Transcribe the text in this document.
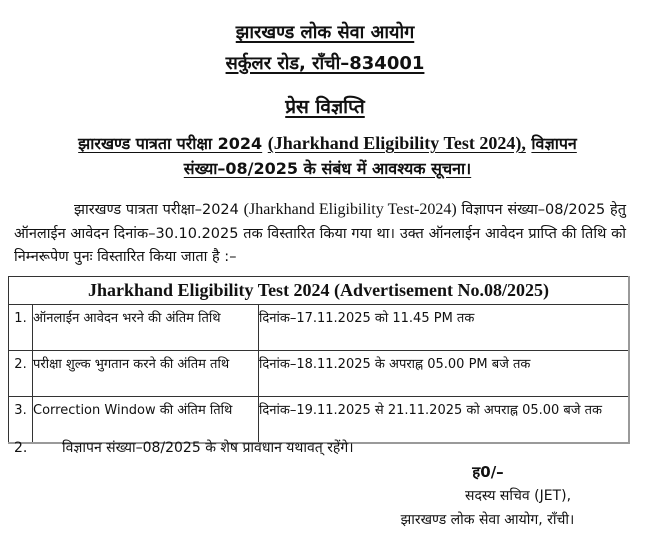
झारखण्ड लोक सेवा आयोग
सर्कुलर रोड, राँची–834001
प्रेस विज्ञप्ति
झारखण्ड पात्रता परीक्षा 2024 (Jharkhand Eligibility Test 2024), विज्ञापन
संख्या–08/2025 के संबंध में आवश्यक सूचना।
झारखण्ड पात्रता परीक्षा–2024 (Jharkhand Eligibility Test-2024) विज्ञापन संख्या–08/2025 हेतु ऑनलाईन आवेदन दिनांक–30.10.2025 तक विस्तारित किया गया था। उक्त ऑनलाईन आवेदन प्राप्ति की तिथि को निम्नरूपेण पुनः विस्तारित किया जाता है :–
Jharkhand Eligibility Test 2024 (Advertisement No.08/2025)		
1.	ऑनलाईन आवेदन भरने की अंतिम तिथि	दिनांक–17.11.2025 को 11.45 PM तक
2.	परीक्षा शुल्क भुगतान करने की अंतिम तथि	दिनांक–18.11.2025 के अपराह्न 05.00 PM बजे तक
3.	Correction Window की अंतिम तिथि	दिनांक–19.11.2025 से 21.11.2025 को अपराह्न 05.00 बजे तक
2. विज्ञापन संख्या–08/2025 के शेष प्रावधान यथावत् रहेंगे।
ह0/–
सदस्य सचिव (JET),
झारखण्ड लोक सेवा आयोग, राँची।
